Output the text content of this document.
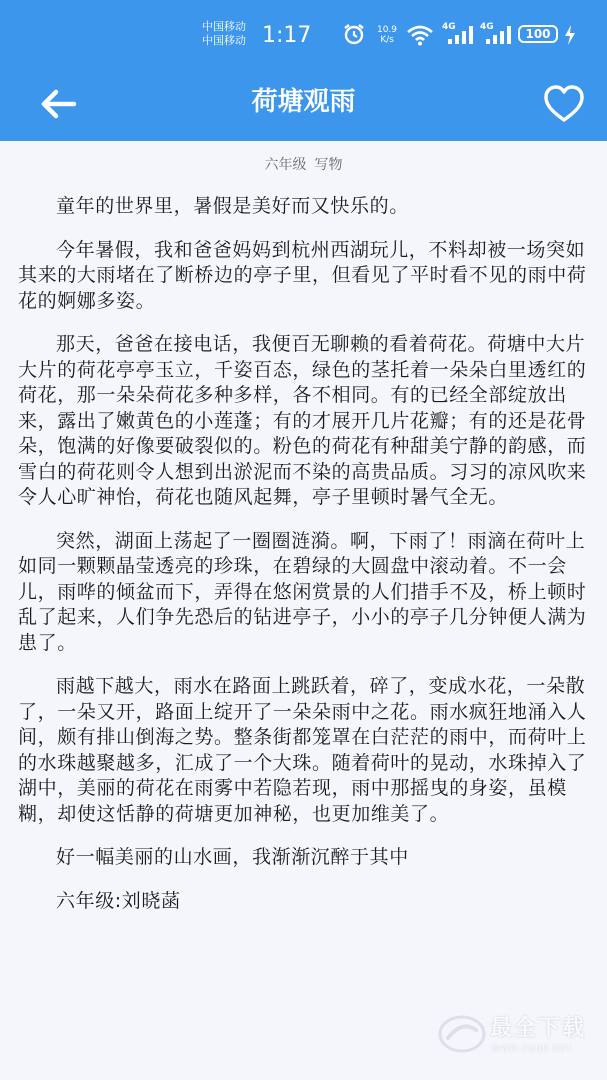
中国移动
中国移动 1:17	10.9
K/s
4G	4G	100
荷塘观雨
六年级 写物

童年的世界里，暑假是美好而又快乐的。

今年暑假，我和爸爸妈妈到杭州西湖玩儿，不料却被一场突如其来的大雨堵在了断桥边的亭子里，但看见了平时看不见的雨中荷花的婀娜多姿。

那天，爸爸在接电话，我便百无聊赖的看着荷花。荷塘中大片大片的荷花亭亭玉立，千姿百态，绿色的茎托着一朵朵白里透红的荷花，那一朵朵荷花多种多样，各不相同。有的已经全部绽放出来，露出了嫩黄色的小莲蓬；有的才展开几片花瓣；有的还是花骨朵，饱满的好像要破裂似的。粉色的荷花有种甜美宁静的韵感，而雪白的荷花则令人想到出淤泥而不染的高贵品质。习习的凉风吹来令人心旷神怡，荷花也随风起舞，亭子里顿时暑气全无。

突然，湖面上荡起了一圈圈涟漪。啊，下雨了！雨滴在荷叶上如同一颗颗晶莹透亮的珍珠，在碧绿的大圆盘中滚动着。不一会儿，雨哗的倾盆而下，弄得在悠闲赏景的人们措手不及，桥上顿时乱了起来，人们争先恐后的钻进亭子，小小的亭子几分钟便人满为患了。

雨越下越大，雨水在路面上跳跃着，碎了，变成水花，一朵散了，一朵又开，路面上绽开了一朵朵雨中之花。雨水疯狂地涌入人间，颇有排山倒海之势。整条街都笼罩在白茫茫的雨中，而荷叶上的水珠越聚越多，汇成了一个大珠。随着荷叶的晃动，水珠掉入了湖中，美丽的荷花在雨雾中若隐若现，雨中那摇曳的身姿，虽模糊，却使这恬静的荷塘更加神秘，也更加维美了。

好一幅美丽的山水画，我渐渐沉醉于其中

六年级:刘晓菡

最全下载
WWW.ZQQD.NET
